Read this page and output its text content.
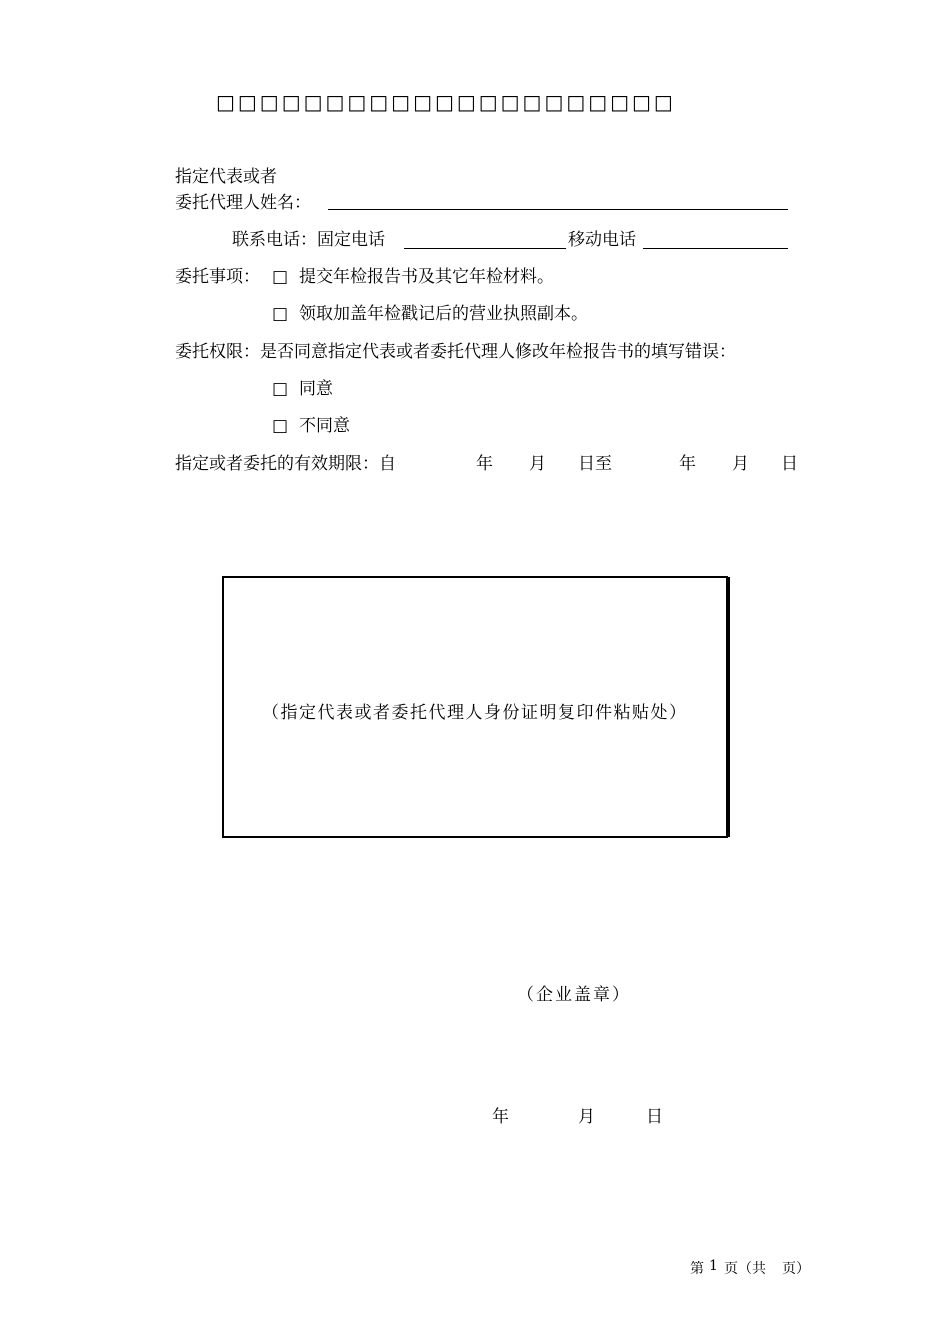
□□□□□□□□□□□□□□□□□□□□□
指定代表或者
委托代理人姓名：
联系电话：固定电话	移动电话
委托事项： □ 提交年检报告书及其它年检材料。
□ 领取加盖年检戳记后的营业执照副本。
委托权限：是否同意指定代表或者委托代理人修改年检报告书的填写错误：
□ 同意
□ 不同意
指定或者委托的有效期限：自	年 月 日至	年 月 日
（指定代表或者委托代理人身份证明复印件粘贴处）
（企业盖章）
年	月	日
第 1 页（共 页）
